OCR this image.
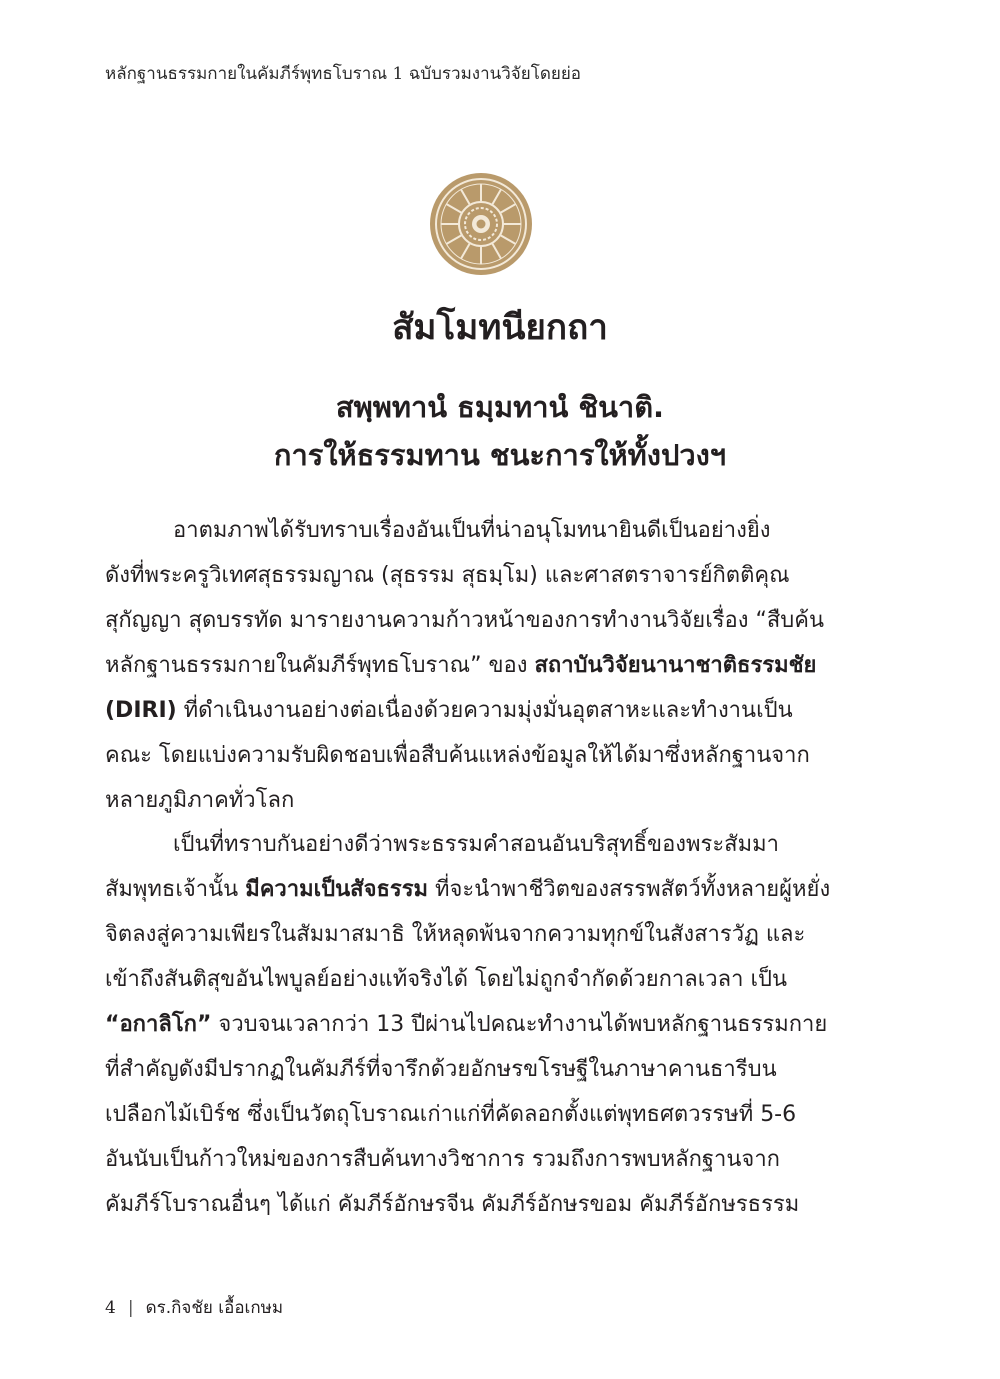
หลักฐานธรรมกายในคัมภีร์พุทธโบราณ 1 ฉบับรวมงานวิจัยโดยย่อ
สัมโมทนียกถา
สพฺพทานํ ธมฺมทานํ ชินาติ.
การให้ธรรมทาน ชนะการให้ทั้งปวงฯ
อาตมภาพได้รับทราบเรื่องอันเป็นที่น่าอนุโมทนายินดีเป็นอย่างยิ่ง
ดังที่พระครูวิเทศสุธรรมญาณ (สุธรรม สุธมฺโม) และศาสตราจารย์กิตติคุณ
สุกัญญา สุดบรรทัด มารายงานความก้าวหน้าของการทำงานวิจัยเรื่อง “สืบค้น
หลักฐานธรรมกายในคัมภีร์พุทธโบราณ” ของ สถาบันวิจัยนานาชาติธรรมชัย
(DIRI) ที่ดำเนินงานอย่างต่อเนื่องด้วยความมุ่งมั่นอุตสาหะและทำงานเป็น
คณะ โดยแบ่งความรับผิดชอบเพื่อสืบค้นแหล่งข้อมูลให้ได้มาซึ่งหลักฐานจาก
หลายภูมิภาคทั่วโลก
เป็นที่ทราบกันอย่างดีว่าพระธรรมคำสอนอันบริสุทธิ์ของพระสัมมา
สัมพุทธเจ้านั้น มีความเป็นสัจธรรม ที่จะนำพาชีวิตของสรรพสัตว์ทั้งหลายผู้หยั่ง
จิตลงสู่ความเพียรในสัมมาสมาธิ ให้หลุดพ้นจากความทุกข์ในสังสารวัฏ และ
เข้าถึงสันติสุขอันไพบูลย์อย่างแท้จริงได้ โดยไม่ถูกจำกัดด้วยกาลเวลา เป็น
“อกาลิโก” จวบจนเวลากว่า 13 ปีผ่านไปคณะทำงานได้พบหลักฐานธรรมกาย
ที่สำคัญดังมีปรากฏในคัมภีร์ที่จารึกด้วยอักษรขโรษฐีในภาษาคานธารีบน
เปลือกไม้เบิร์ช ซึ่งเป็นวัตถุโบราณเก่าแก่ที่คัดลอกตั้งแต่พุทธศตวรรษที่ 5-6
อันนับเป็นก้าวใหม่ของการสืบค้นทางวิชาการ รวมถึงการพบหลักฐานจาก
คัมภีร์โบราณอื่นๆ ได้แก่ คัมภีร์อักษรจีน คัมภีร์อักษรขอม คัมภีร์อักษรธรรม
4 | ดร.กิจชัย เอื้อเกษม
